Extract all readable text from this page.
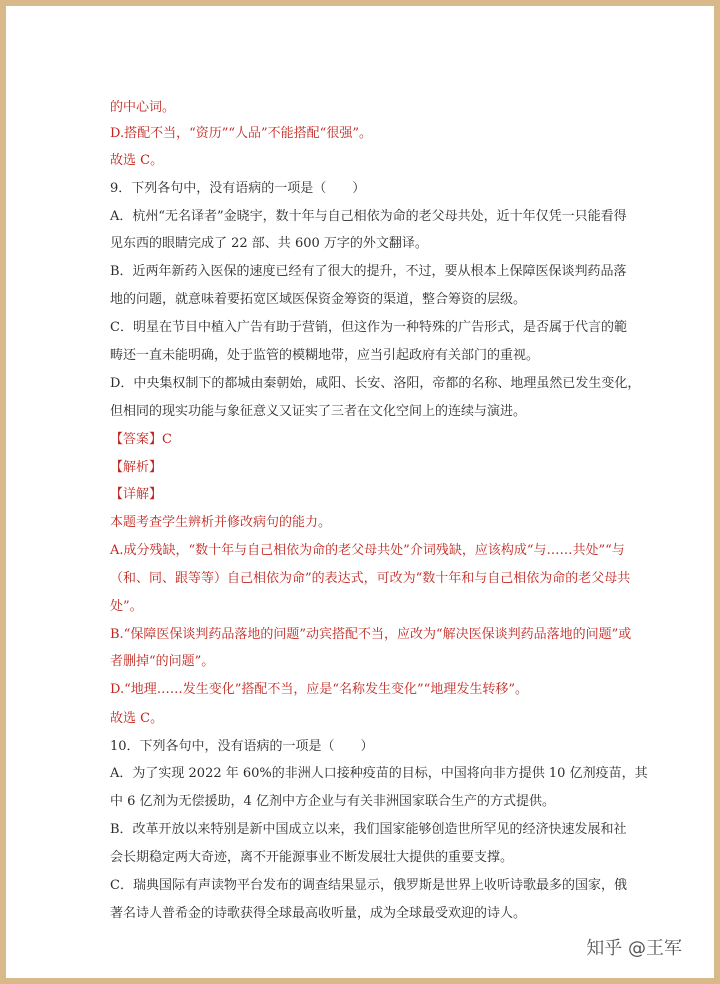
的中心词。
D.搭配不当，“资历”“人品”不能搭配“很强”。
故选 C。
9．下列各句中，没有语病的一项是（　　）
A．杭州“无名译者”金晓宇，数十年与自己相依为命的老父母共处，近十年仅凭一只能看得
见东西的眼睛完成了 22 部、共 600 万字的外文翻译。
B．近两年新药入医保的速度已经有了很大的提升，不过，要从根本上保障医保谈判药品落
地的问题，就意味着要拓宽区域医保资金筹资的渠道，整合筹资的层级。
C．明星在节目中植入广告有助于营销，但这作为一种特殊的广告形式，是否属于代言的範
畴还一直未能明确，处于监管的模糊地带，应当引起政府有关部门的重视。
D．中央集权制下的都城由秦朝始，咸阳、长安、洛阳，帝都的名称、地理虽然已发生变化，
但相同的现实功能与象征意义又证实了三者在文化空间上的连续与演进。
【答案】C
【解析】
【详解】
本题考查学生辨析并修改病句的能力。
A.成分残缺，“数十年与自己相依为命的老父母共处”介词残缺，应该构成“与……共处”“与
（和、同、跟等等）自己相依为命”的表达式，可改为“数十年和与自己相依为命的老父母共
处”。
B.“保障医保谈判药品落地的问题”动宾搭配不当，应改为“解决医保谈判药品落地的问题”或
者删掉“的问题”。
D.“地理……发生变化”搭配不当，应是“名称发生变化”“地理发生转移”。
故选 C。
10．下列各句中，没有语病的一项是（　　）
A．为了实现 2022 年 60%的非洲人口接种疫苗的目标，中国将向非方提供 10 亿剂疫苗，其
中 6 亿剂为无偿援助，4 亿剂中方企业与有关非洲国家联合生产的方式提供。
B．改革开放以来特别是新中国成立以来，我们国家能够创造世所罕见的经济快速发展和社
会长期稳定两大奇迹，离不开能源事业不断发展壮大提供的重要支撑。
C．瑞典国际有声读物平台发布的调查结果显示，俄罗斯是世界上收听诗歌最多的国家，俄
著名诗人普希金的诗歌获得全球最高收听量，成为全球最受欢迎的诗人。
知乎 @王军
